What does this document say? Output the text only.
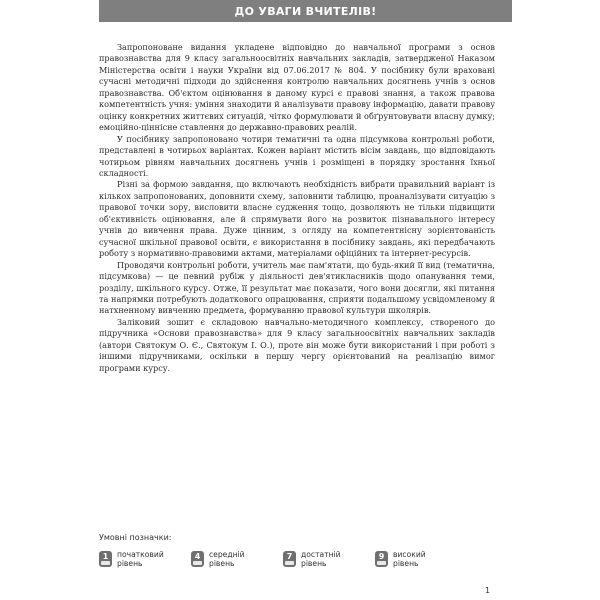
ДО УВАГИ ВЧИТЕЛІВ!

Запропоноване видання укладене відповідно до навчальної програми з основ правознавства для 9 класу загальноосвітніх навчальних закладів, затвердженої Наказом Міністерства освіти і науки України від 07.06.2017 № 804. У посібнику були враховані сучасні методичні підходи до здійснення контролю навчальних досягнень учнів з основ правознавства. Об'єктом оцінювання в даному курсі є правові знання, а також правова компетентність учня: уміння знаходити й аналізувати правову інформацію, давати правову оцінку конкретних життєвих ситуацій, чітко формулювати й обґрунтовувати власну думку; емоційно-ціннісне ставлення до державно-правових реалій.

У посібнику запропоновано чотири тематичні та одна підсумкова контрольні роботи, представлені в чотирьох варіантах. Кожен варіант містить вісім завдань, що відповідають чотирьом рівням навчальних досягнень учнів і розміщені в порядку зростання їхньої складності.

Різні за формою завдання, що включають необхідність вибрати правильний варіант із кількох запропонованих, доповнити схему, заповнити таблицю, проаналізувати ситуацію з правової точки зору, висловити власне судження тощо, дозволяють не тільки підвищити об'єктивність оцінювання, але й спрямувати його на розвиток пізнавального інтересу учнів до вивчення права. Дуже цінним, з огляду на компетентнісну зорієнтованість сучасної шкільної правової освіти, є використання в посібнику завдань, які передбачають роботу з нормативно-правовими актами, матеріалами офіційних та інтернет-ресурсів.

Проводячи контрольні роботи, учитель має пам'ятати, що будь-який її вид (тематична, підсумкова) — це певний рубіж у діяльності дев'ятикласників щодо опанування теми, розділу, шкільного курсу. Отже, її результат має показати, чого вони досягли, які питання та напрямки потребують додаткового опрацювання, сприяти подальшому усвідомленому й натхненному вивченню предмета, формуванню правової культури школярів.

Заліковий зошит є складовою навчально-методичного комплексу, створеного до підручника «Основи правознавства» для 9 класу загальноосвітніх навчальних закладів (автори Святокум О. Є., Святокум І. О.), проте він може бути використаний і при роботі з іншими підручниками, оскільки в першу чергу орієнтований на реалізацію вимог програми курсу.

Умовні позначки:
1 початковий рівень
4 середній рівень
7 достатній рівень
9 високий рівень
1
